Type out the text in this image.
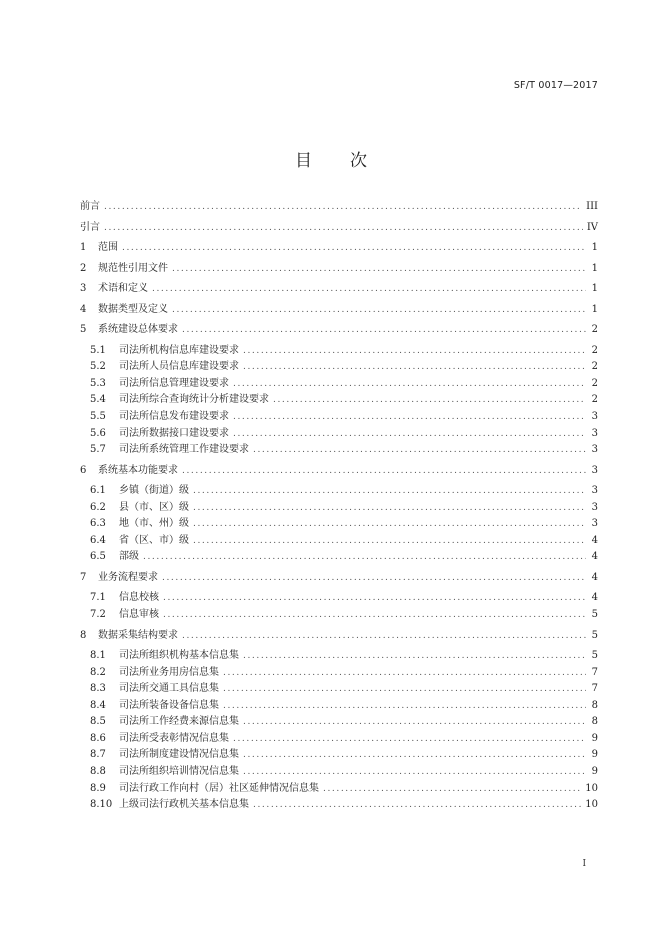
SF/T 0017—2017
目 次
前言 .....	III
引言 .....	IV
1	范围 .....	1
2	规范性引用文件 .....	1
3	术语和定义 .....	1
4	数据类型及定义 .....	1
5	系统建设总体要求 .....	2
5.1	司法所机构信息库建设要求 .....	2
5.2	司法所人员信息库建设要求 .....	2
5.3	司法所信息管理建设要求 .....	2
5.4	司法所综合查询统计分析建设要求 .....	2
5.5	司法所信息发布建设要求 .....	3
5.6	司法所数据接口建设要求 .....	3
5.7	司法所系统管理工作建设要求 .....	3
6	系统基本功能要求 .....	3
6.1	乡镇（街道）级 .....	3
6.2	县（市、区）级 .....	3
6.3	地（市、州）级 .....	3
6.4	省（区、市）级 .....	4
6.5	部级 .....	4
7	业务流程要求 .....	4
7.1	信息校核 .....	4
7.2	信息审核 .....	5
8	数据采集结构要求 .....	5
8.1	司法所组织机构基本信息集 .....	5
8.2	司法所业务用房信息集 .....	7
8.3	司法所交通工具信息集 .....	7
8.4	司法所装备设备信息集 .....	8
8.5	司法所工作经费来源信息集 .....	8
8.6	司法所受表彰情况信息集 .....	9
8.7	司法所制度建设情况信息集 .....	9
8.8	司法所组织培训情况信息集 .....	9
8.9	司法行政工作向村（居）社区延伸情况信息集 .....	10
8.10 上级司法行政机关基本信息集 .....	10
I
